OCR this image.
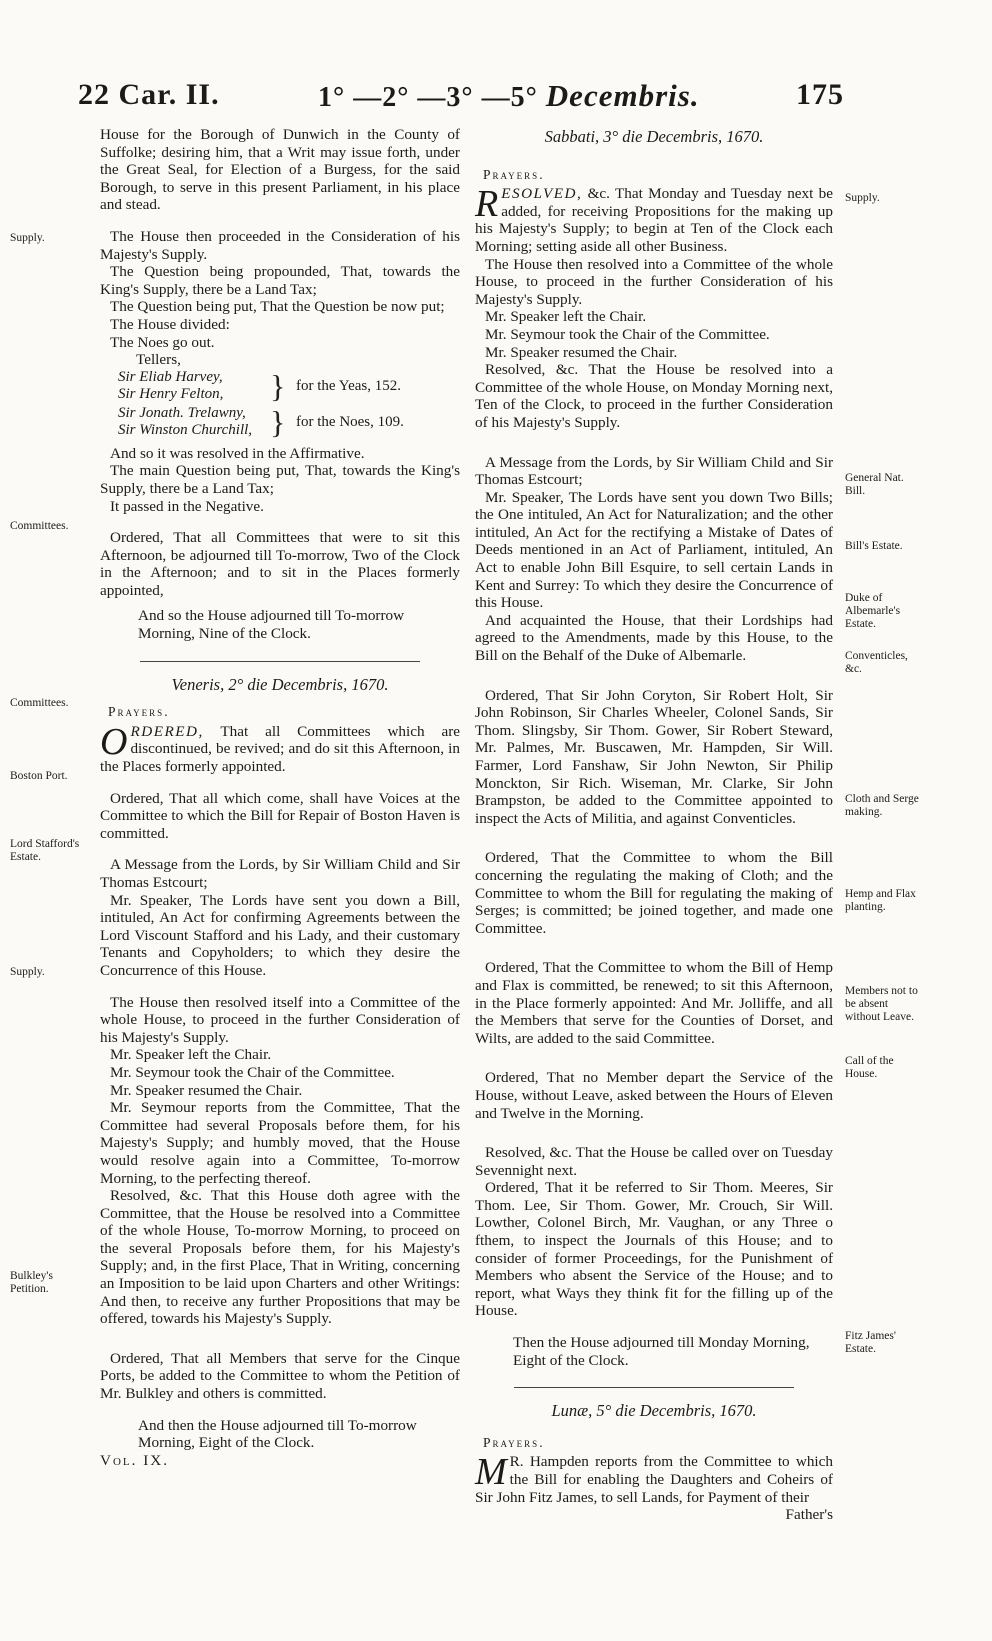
22 Car. II.	1° —2° —3° —5° Decembris.	175

House for the Borough of Dunwich in the County of Suffolke; desiring him, that a Writ may issue forth, under the Great Seal, for Election of a Burgess, for the said Borough, to serve in this present Parliament, in his place and stead.

The House then proceeded in the Consideration of his Majesty's Supply.

The Question being propounded, That, towards the King's Supply, there be a Land Tax;

The Question being put, That the Question be now put;

The House divided:

The Noes go out.

Tellers,

Sir Eliab Harvey,
Sir Henry Felton, } for the Yeas, 152.
Sir Jonath. Trelawny,
Sir Winston Churchill, } for the Noes, 109.

And so it was resolved in the Affirmative.

The main Question being put, That, towards the King's Supply, there be a Land Tax;

It passed in the Negative.

Ordered, That all Committees that were to sit this Afternoon, be adjourned till To-morrow, Two of the Clock in the Afternoon; and to sit in the Places formerly appointed,

And so the House adjourned till To-morrow Morning, Nine of the Clock.

Veneris, 2° die Decembris, 1670.
Prayers.

O RDERED, That all Committees which are discontinued, be revived; and do sit this Afternoon, in the Places formerly appointed.

Ordered, That all which come, shall have Voices at the Committee to which the Bill for Repair of Boston Haven is committed.

A Message from the Lords, by Sir William Child and Sir Thomas Estcourt;

Mr. Speaker, The Lords have sent you down a Bill, intituled, An Act for confirming Agreements between the Lord Viscount Stafford and his Lady, and their customary Tenants and Copyholders; to which they desire the Concurrence of this House.

The House then resolved itself into a Committee of the whole House, to proceed in the further Consideration of his Majesty's Supply.

Mr. Speaker left the Chair.

Mr. Seymour took the Chair of the Committee.

Mr. Speaker resumed the Chair.

Mr. Seymour reports from the Committee, That the Committee had several Proposals before them, for his Majesty's Supply; and humbly moved, that the House would resolve again into a Committee, To-morrow Morning, to the perfecting thereof.

Resolved, &c. That this House doth agree with the Committee, that the House be resolved into a Committee of the whole House, To-morrow Morning, to proceed on the several Proposals before them, for his Majesty's Supply; and, in the first Place, That in Writing, concerning an Imposition to be laid upon Charters and other Writings: And then, to receive any further Propositions that may be offered, towards his Majesty's Supply.

Ordered, That all Members that serve for the Cinque Ports, be added to the Committee to whom the Petition of Mr. Bulkley and others is committed.

And then the House adjourned till To-morrow Morning, Eight of the Clock.

Vol. IX.

Sabbati, 3° die Decembris, 1670.
Prayers.

R ESOLVED, &c. That Monday and Tuesday next be added, for receiving Propositions for the making up his Majesty's Supply; to begin at Ten of the Clock each Morning; setting aside all other Business.

The House then resolved into a Committee of the whole House, to proceed in the further Consideration of his Majesty's Supply.

Mr. Speaker left the Chair.

Mr. Seymour took the Chair of the Committee.

Mr. Speaker resumed the Chair.

Resolved, &c. That the House be resolved into a Committee of the whole House, on Monday Morning next, Ten of the Clock, to proceed in the further Consideration of his Majesty's Supply.

A Message from the Lords, by Sir William Child and Sir Thomas Estcourt;

Mr. Speaker, The Lords have sent you down Two Bills; the One intituled, An Act for Naturalization; and the other intituled, An Act for the rectifying a Mistake of Dates of Deeds mentioned in an Act of Parliament, intituled, An Act to enable John Bill Esquire, to sell certain Lands in Kent and Surrey: To which they desire the Concurrence of this House.

And acquainted the House, that their Lordships had agreed to the Amendments, made by this House, to the Bill on the Behalf of the Duke of Albemarle.

Ordered, That Sir John Coryton, Sir Robert Holt, Sir John Robinson, Sir Charles Wheeler, Colonel Sands, Sir Thom. Slingsby, Sir Thom. Gower, Sir Robert Steward, Mr. Palmes, Mr. Buscawen, Mr. Hampden, Sir Will. Farmer, Lord Fanshaw, Sir John Newton, Sir Philip Monckton, Sir Rich. Wiseman, Mr. Clarke, Sir John Brampston, be added to the Committee appointed to inspect the Acts of Militia, and against Conventicles.

Ordered, That the Committee to whom the Bill concerning the regulating the making of Cloth; and the Committee to whom the Bill for regulating the making of Serges; is committed; be joined together, and made one Committee.

Ordered, That the Committee to whom the Bill of Hemp and Flax is committed, be renewed; to sit this Afternoon, in the Place formerly appointed: And Mr. Jolliffe, and all the Members that serve for the Counties of Dorset, and Wilts, are added to the said Committee.

Ordered, That no Member depart the Service of the House, without Leave, asked between the Hours of Eleven and Twelve in the Morning.

Resolved, &c. That the House be called over on Tuesday Sevennight next.

Ordered, That it be referred to Sir Thom. Meeres, Sir Thom. Lee, Sir Thom. Gower, Mr. Crouch, Sir Will. Lowther, Colonel Birch, Mr. Vaughan, or any Three o fthem, to inspect the Journals of this House; and to consider of former Proceedings, for the Punishment of Members who absent the Service of the House; and to report, what Ways they think fit for the filling up of the House.

Then the House adjourned till Monday Morning, Eight of the Clock.

Lunæ, 5° die Decembris, 1670.
Prayers.

M R. Hampden reports from the Committee to which the Bill for enabling the Daughters and Coheirs of Sir John Fitz James, to sell Lands, for Payment of their

Father's

Supply.
Committees.
Committees.
Boston Port.
Lord Stafford's Estate.
Supply.
Bulkley's Petition.
Supply.
General Nat. Bill.
Bill's Estate.
Duke of Albemarle's Estate.
Conventicles, &c.
Cloth and Serge making.
Hemp and Flax planting.
Members not to be absent without Leave.
Call of the House.
Fitz James' Estate.
